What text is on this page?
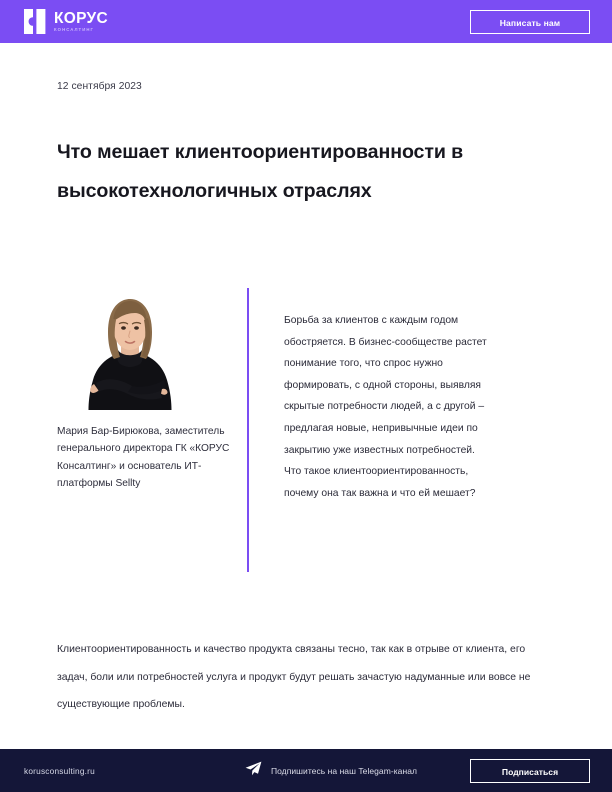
КОРУС
КОНСАЛТИНГ
Написать нам
12 сентября 2023
Что мешает клиентоориентированности в высокотехнологичных отраслях
Мария Бар-Бирюкова, заместитель генерального директора ГК «КОРУС Консалтинг» и основатель ИТ-платформы Sellty
Борьба за клиентов с каждым годом обостряется. В бизнес-сообществе растет понимание того, что спрос нужно формировать, с одной стороны, выявляя скрытые потребности людей, а с другой – предлагая новые, непривычные идеи по закрытию уже известных потребностей. Что такое клиентоориентированность, почему она так важна и что ей мешает?

Клиентоориентированность и качество продукта связаны тесно, так как в отрыве от клиента, его задач, боли или потребностей услуга и продукт будут решать зачастую надуманные или вовсе не существующие проблемы.

korusconsulting.ru	Подпишитесь на наш Telegam-канал	Подписаться
